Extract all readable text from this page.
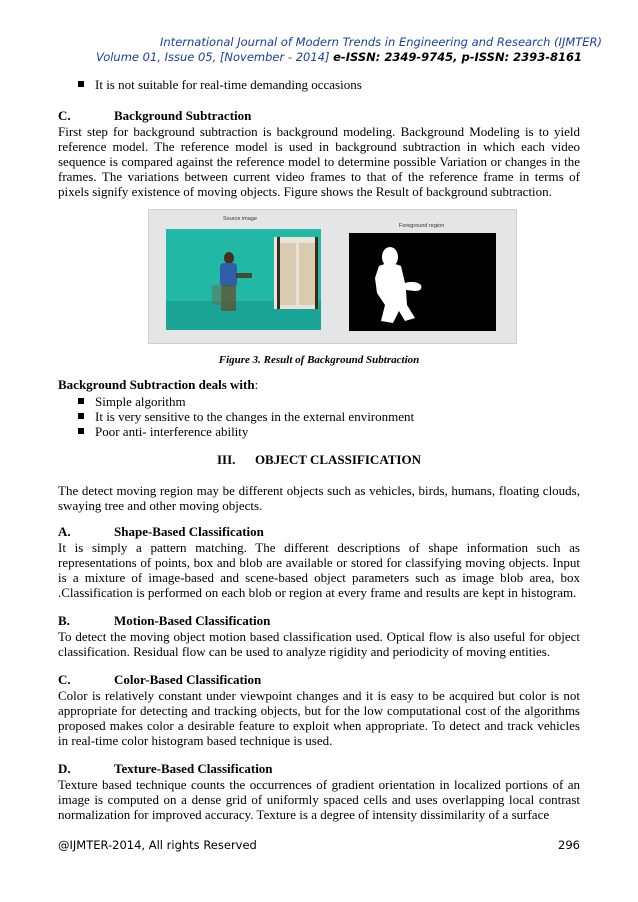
International Journal of Modern Trends in Engineering and Research (IJMTER)
Volume 01, Issue 05, [November - 2014] e-ISSN: 2349-9745, p-ISSN: 2393-8161
It is not suitable for real-time demanding occasions
C.	Background Subtraction
First step for background subtraction is background modeling. Background Modeling is to yield reference model. The reference model is used in background subtraction in which each video sequence is compared against the reference model to determine possible Variation or changes in the frames. The variations between current video frames to that of the reference frame in terms of pixels signify existence of moving objects. Figure shows the Result of background subtraction.
Source image
Foreground region
Figure 3. Result of Background Subtraction
Background Subtraction deals with:
Simple algorithm
It is very sensitive to the changes in the external environment
Poor anti- interference ability
III. OBJECT CLASSIFICATION
The detect moving region may be different objects such as vehicles, birds, humans, floating clouds, swaying tree and other moving objects.
A.	Shape-Based Classification
It is simply a pattern matching. The different descriptions of shape information such as representations of points, box and blob are available or stored for classifying moving objects. Input is a mixture of image-based and scene-based object parameters such as image blob area, box .Classification is performed on each blob or region at every frame and results are kept in histogram.
B.	Motion-Based Classification
To detect the moving object motion based classification used. Optical flow is also useful for object classification. Residual flow can be used to analyze rigidity and periodicity of moving entities.
C.	Color-Based Classification
Color is relatively constant under viewpoint changes and it is easy to be acquired but color is not appropriate for detecting and tracking objects, but for the low computational cost of the algorithms proposed makes color a desirable feature to exploit when appropriate. To detect and track vehicles in real-time color histogram based technique is used.
D.	Texture-Based Classification
Texture based technique counts the occurrences of gradient orientation in localized portions of an image is computed on a dense grid of uniformly spaced cells and uses overlapping local contrast normalization for improved accuracy. Texture is a degree of intensity dissimilarity of a surface
@IJMTER-2014, All rights Reserved	296
